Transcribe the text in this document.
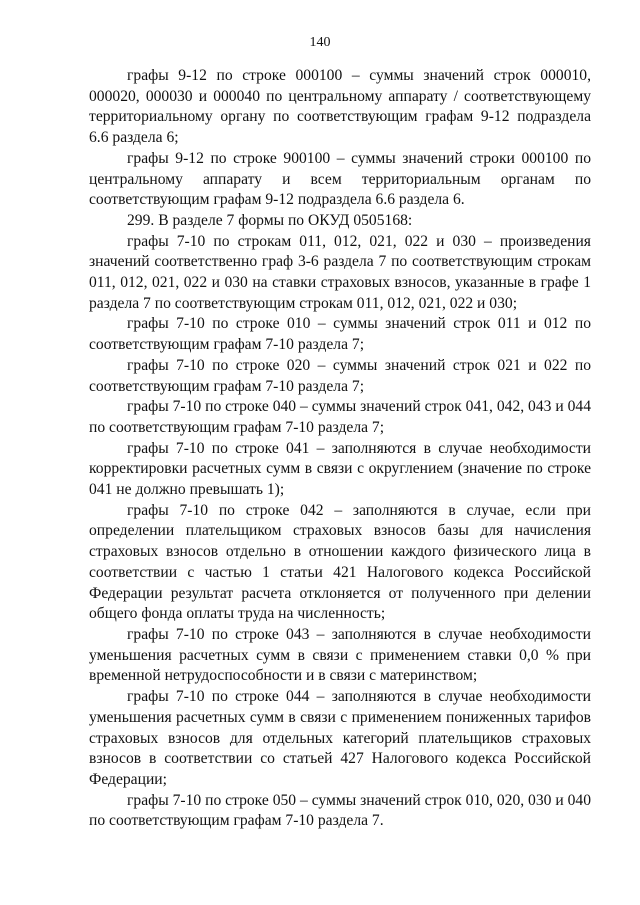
140

графы 9-12 по строке 000100 – суммы значений строк 000010, 000020, 000030 и 000040 по центральному аппарату / соответствующему территориальному органу по соответствующим графам 9-12 подраздела 6.6 раздела 6;

графы 9-12 по строке 900100 – суммы значений строки 000100 по центральному аппарату и всем территориальным органам по соответствующим графам 9-12 подраздела 6.6 раздела 6.

299. В разделе 7 формы по ОКУД 0505168:

графы 7-10 по строкам 011, 012, 021, 022 и 030 – произведения значений соответственно граф 3-6 раздела 7 по соответствующим строкам 011, 012, 021, 022 и 030 на ставки страховых взносов, указанные в графе 1 раздела 7 по соответствующим строкам 011, 012, 021, 022 и 030;

графы 7-10 по строке 010 – суммы значений строк 011 и 012 по соответствующим графам 7-10 раздела 7;

графы 7-10 по строке 020 – суммы значений строк 021 и 022 по соответствующим графам 7-10 раздела 7;

графы 7-10 по строке 040 – суммы значений строк 041, 042, 043 и 044 по соответствующим графам 7-10 раздела 7;

графы 7-10 по строке 041 – заполняются в случае необходимости корректировки расчетных сумм в связи с округлением (значение по строке 041 не должно превышать 1);

графы 7-10 по строке 042 – заполняются в случае, если при определении плательщиком страховых взносов базы для начисления страховых взносов отдельно в отношении каждого физического лица в соответствии с частью 1 статьи 421 Налогового кодекса Российской Федерации результат расчета отклоняется от полученного при делении общего фонда оплаты труда на численность;

графы 7-10 по строке 043 – заполняются в случае необходимости уменьшения расчетных сумм в связи с применением ставки 0,0 % при временной нетрудоспособности и в связи с материнством;

графы 7-10 по строке 044 – заполняются в случае необходимости уменьшения расчетных сумм в связи с применением пониженных тарифов страховых взносов для отдельных категорий плательщиков страховых взносов в соответствии со статьей 427 Налогового кодекса Российской Федерации;

графы 7-10 по строке 050 – суммы значений строк 010, 020, 030 и 040 по соответствующим графам 7-10 раздела 7.
